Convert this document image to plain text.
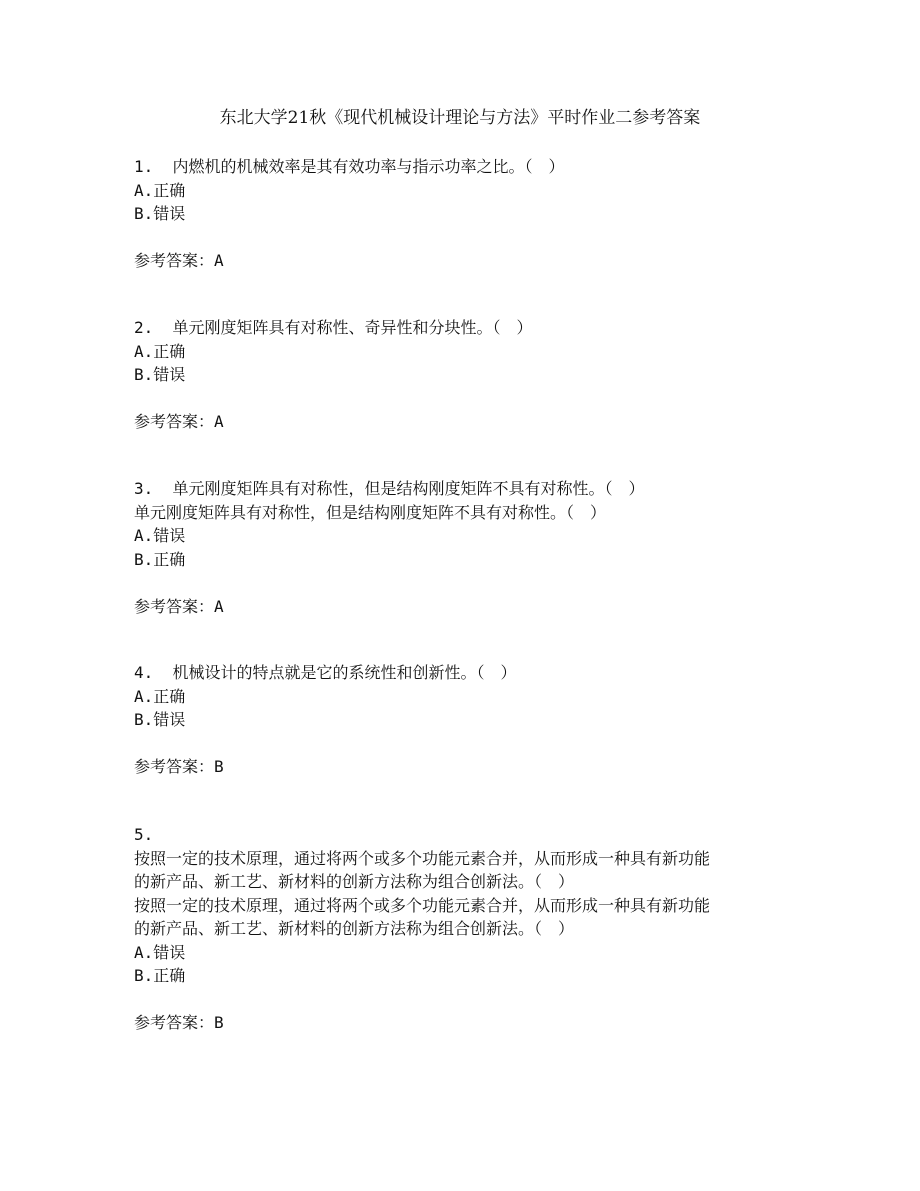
东北大学21秋《现代机械设计理论与方法》平时作业二参考答案
1. 内燃机的机械效率是其有效功率与指示功率之比。（　）
A.正确
B.错误
参考答案：A
2. 单元刚度矩阵具有对称性、奇异性和分块性。（　）
A.正确
B.错误
参考答案：A
3. 单元刚度矩阵具有对称性，但是结构刚度矩阵不具有对称性。（　）
单元刚度矩阵具有对称性，但是结构刚度矩阵不具有对称性。（　）
A.错误
B.正确
参考答案：A
4. 机械设计的特点就是它的系统性和创新性。（　）
A.正确
B.错误
参考答案：B
5.
按照一定的技术原理，通过将两个或多个功能元素合并，从而形成一种具有新功能
的新产品、新工艺、新材料的创新方法称为组合创新法。（　）
按照一定的技术原理，通过将两个或多个功能元素合并，从而形成一种具有新功能
的新产品、新工艺、新材料的创新方法称为组合创新法。（　）
A.错误
B.正确
参考答案：B
